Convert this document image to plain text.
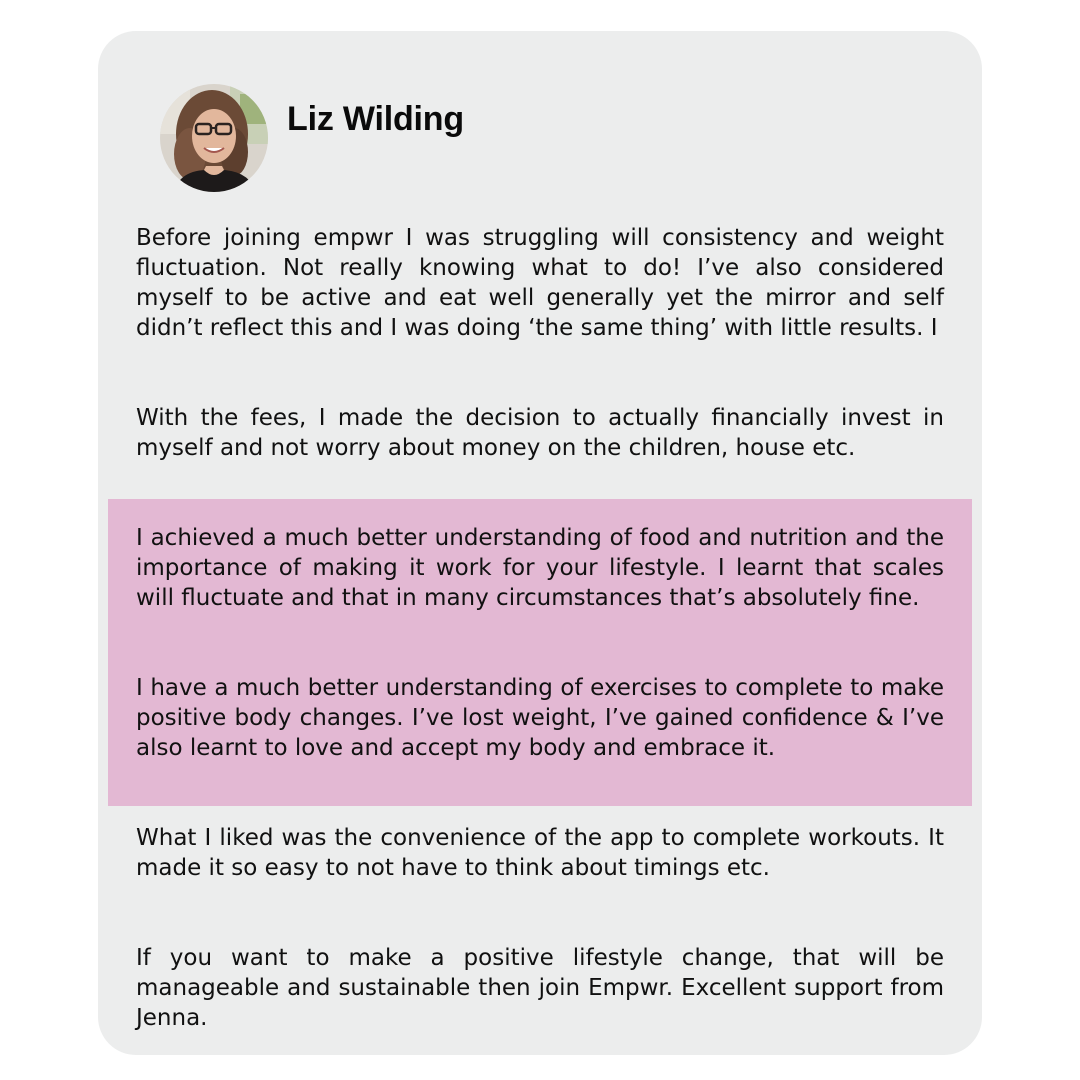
Liz Wilding

Before joining empwr I was struggling will consistency and weight fluctuation. Not really knowing what to do! I’ve also considered myself to be active and eat well generally yet the mirror and self didn’t reflect this and I was doing ‘the same thing’ with little results. I

With the fees, I made the decision to actually financially invest in myself and not worry about money on the children, house etc.

I achieved a much better understanding of food and nutrition and the importance of making it work for your lifestyle. I learnt that scales will fluctuate and that in many circumstances that’s absolutely fine.

I have a much better understanding of exercises to complete to make positive body changes. I’ve lost weight, I’ve gained confidence & I’ve also learnt to love and accept my body and embrace it.

What I liked was the convenience of the app to complete workouts. It made it so easy to not have to think about timings etc.

If you want to make a positive lifestyle change, that will be manageable and sustainable then join Empwr. Excellent support from Jenna.
